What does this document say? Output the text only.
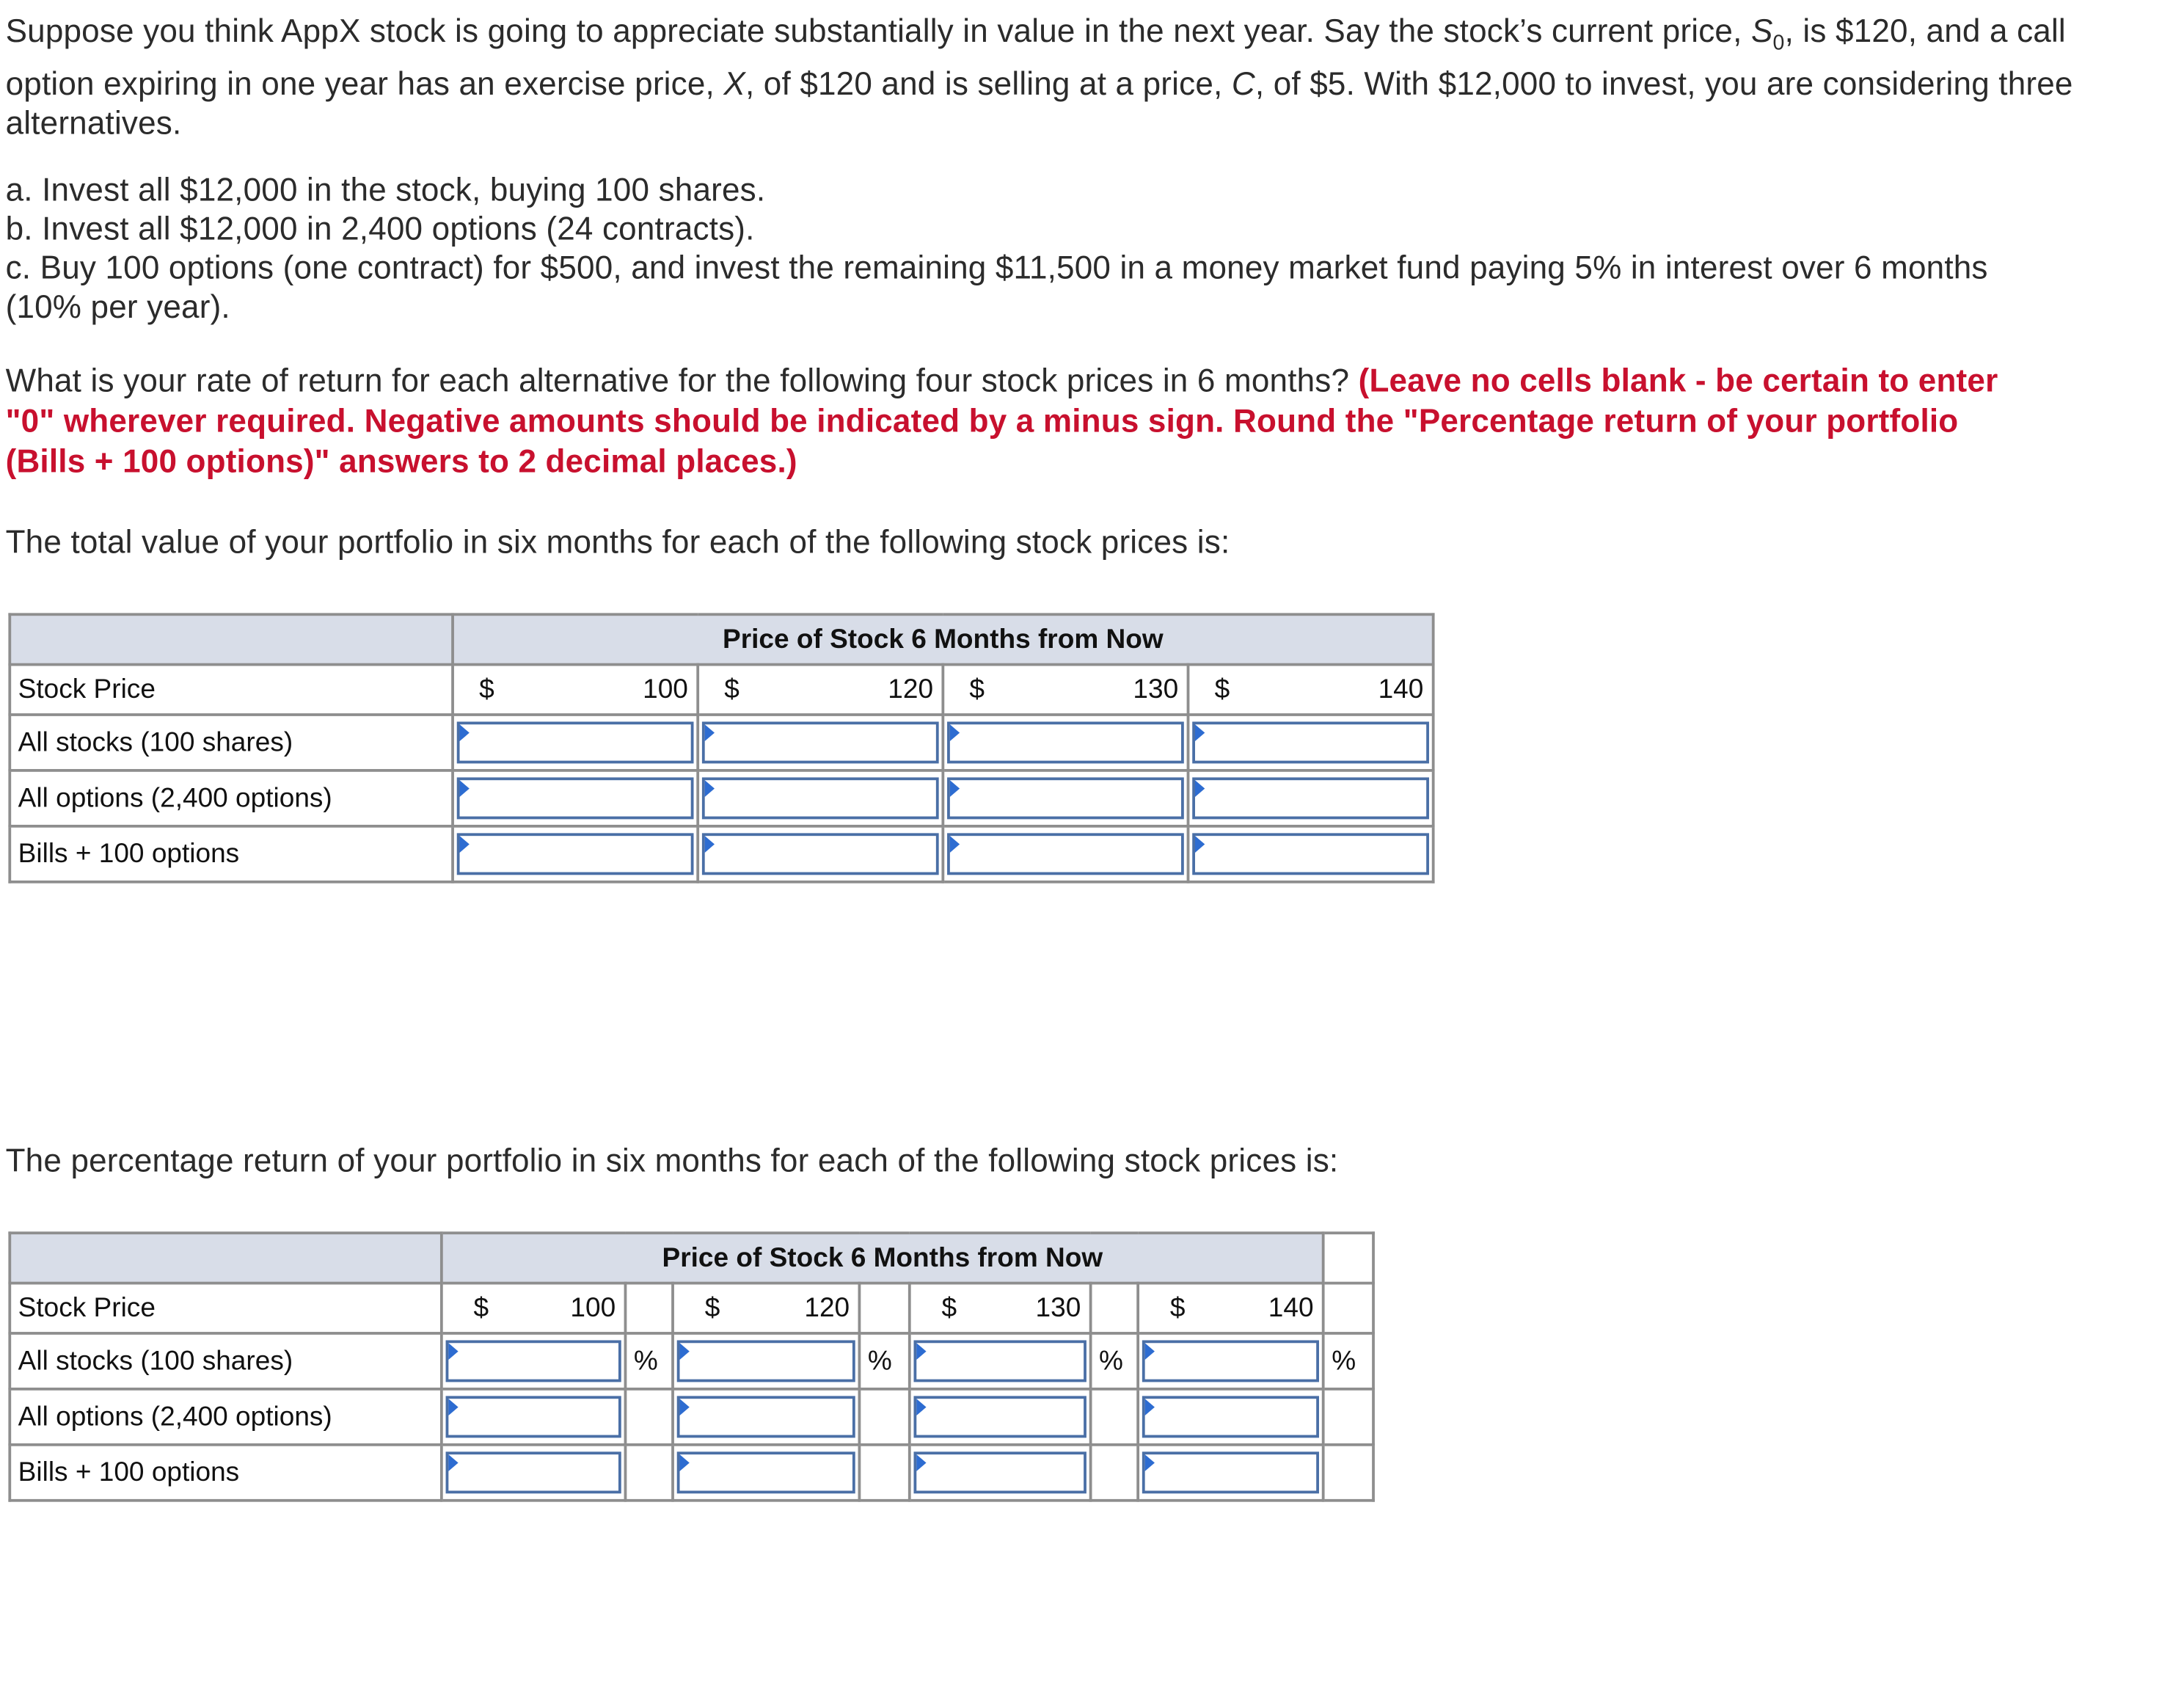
Suppose you think AppX stock is going to appreciate substantially in value in the next year. Say the stock’s current price, $S_0$, is $120, and a call option expiring in one year has an exercise price, X, of $120 and is selling at a price, C, of $5. With $12,000 to invest, you are considering three alternatives.

a. Invest all $12,000 in the stock, buying 100 shares.

b. Invest all $12,000 in 2,400 options (24 contracts).

c. Buy 100 options (one contract) for $500, and invest the remaining $11,500 in a money market fund paying 5% in interest over 6 months (10% per year).

What is your rate of return for each alternative for the following four stock prices in 6 months? (Leave no cells blank - be certain to enter "0" wherever required. Negative amounts should be indicated by a minus sign. Round the "Percentage return of your portfolio (Bills + 100 options)" answers to 2 decimal places.)

The total value of your portfolio in six months for each of the following stock prices is:

	Price of Stock 6 Months from Now			
Stock Price	$ 100	$ 120	$ 130	$ 140

All stocks (100 shares)	

All options (2,400 options)	

Bills + 100 options	

The percentage return of your portfolio in six months for each of the following stock prices is:

	Price of Stock 6 Months from Now							
Stock Price	$ 100		$ 120		$ 130		$ 140	

All stocks (100 shares)		%		%		%		%
All options (2,400 options)	

Bills + 100 options	
